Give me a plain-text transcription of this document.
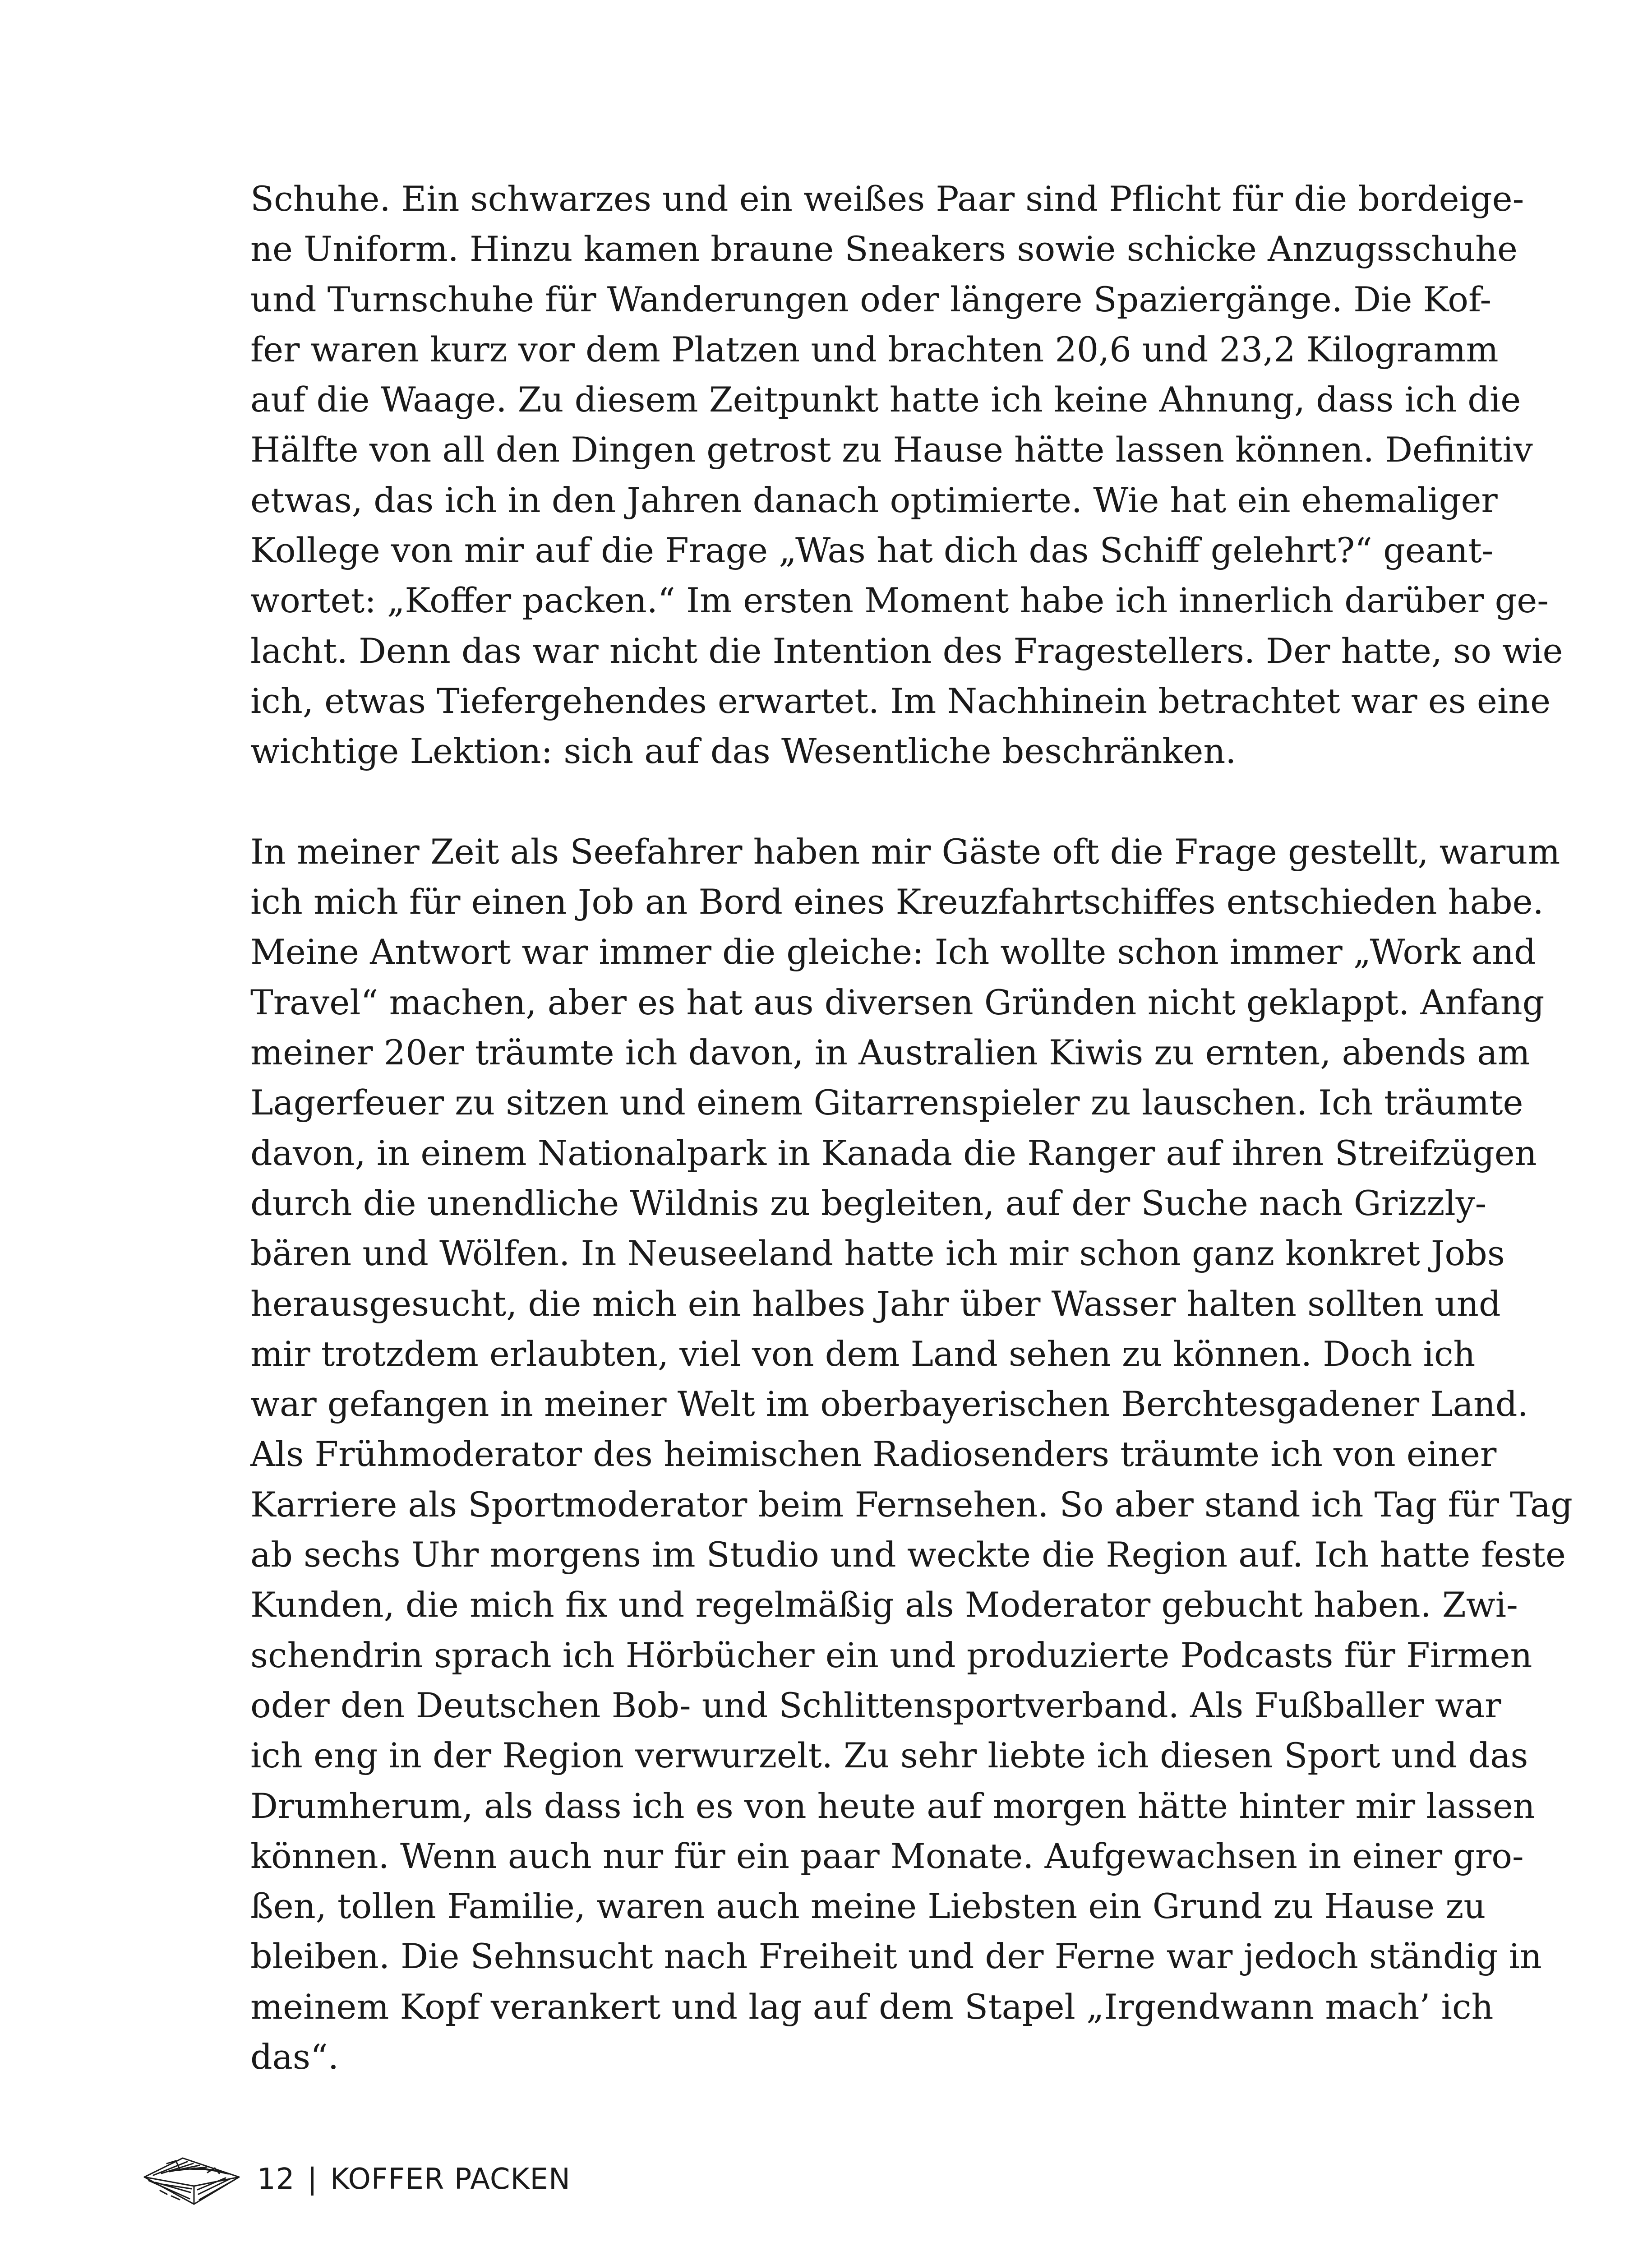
Schuhe. Ein schwarzes und ein weißes Paar sind Pflicht für die bordeige-
ne Uniform. Hinzu kamen braune Sneakers sowie schicke Anzugsschuhe
und Turnschuhe für Wanderungen oder längere Spaziergänge. Die Kof-
fer waren kurz vor dem Platzen und brachten 20,6 und 23,2 Kilogramm
auf die Waage. Zu diesem Zeitpunkt hatte ich keine Ahnung, dass ich die
Hälfte von all den Dingen getrost zu Hause hätte lassen können. Definitiv
etwas, das ich in den Jahren danach optimierte. Wie hat ein ehemaliger
Kollege von mir auf die Frage „Was hat dich das Schiff gelehrt?“ geant-
wortet: „Koffer packen.“ Im ersten Moment habe ich innerlich darüber ge-
lacht. Denn das war nicht die Intention des Fragestellers. Der hatte, so wie
ich, etwas Tiefergehendes erwartet. Im Nachhinein betrachtet war es eine
wichtige Lektion: sich auf das Wesentliche beschränken.

In meiner Zeit als Seefahrer haben mir Gäste oft die Frage gestellt, warum
ich mich für einen Job an Bord eines Kreuzfahrtschiffes entschieden habe.
Meine Antwort war immer die gleiche: Ich wollte schon immer „Work and
Travel“ machen, aber es hat aus diversen Gründen nicht geklappt. Anfang
meiner 20er träumte ich davon, in Australien Kiwis zu ernten, abends am
Lagerfeuer zu sitzen und einem Gitarrenspieler zu lauschen. Ich träumte
davon, in einem Nationalpark in Kanada die Ranger auf ihren Streifzügen
durch die unendliche Wildnis zu begleiten, auf der Suche nach Grizzly-
bären und Wölfen. In Neuseeland hatte ich mir schon ganz konkret Jobs
herausgesucht, die mich ein halbes Jahr über Wasser halten sollten und
mir trotzdem erlaubten, viel von dem Land sehen zu können. Doch ich
war gefangen in meiner Welt im oberbayerischen Berchtesgadener Land.
Als Frühmoderator des heimischen Radiosenders träumte ich von einer
Karriere als Sportmoderator beim Fernsehen. So aber stand ich Tag für Tag
ab sechs Uhr morgens im Studio und weckte die Region auf. Ich hatte feste
Kunden, die mich fix und regelmäßig als Moderator gebucht haben. Zwi-
schendrin sprach ich Hörbücher ein und produzierte Podcasts für Firmen
oder den Deutschen Bob- und Schlittensportverband. Als Fußballer war
ich eng in der Region verwurzelt. Zu sehr liebte ich diesen Sport und das
Drumherum, als dass ich es von heute auf morgen hätte hinter mir lassen
können. Wenn auch nur für ein paar Monate. Aufgewachsen in einer gro-
ßen, tollen Familie, waren auch meine Liebsten ein Grund zu Hause zu
bleiben. Die Sehnsucht nach Freiheit und der Ferne war jedoch ständig in
meinem Kopf verankert und lag auf dem Stapel „Irgendwann mach’ ich
das“.

12 | KOFFER PACKEN
